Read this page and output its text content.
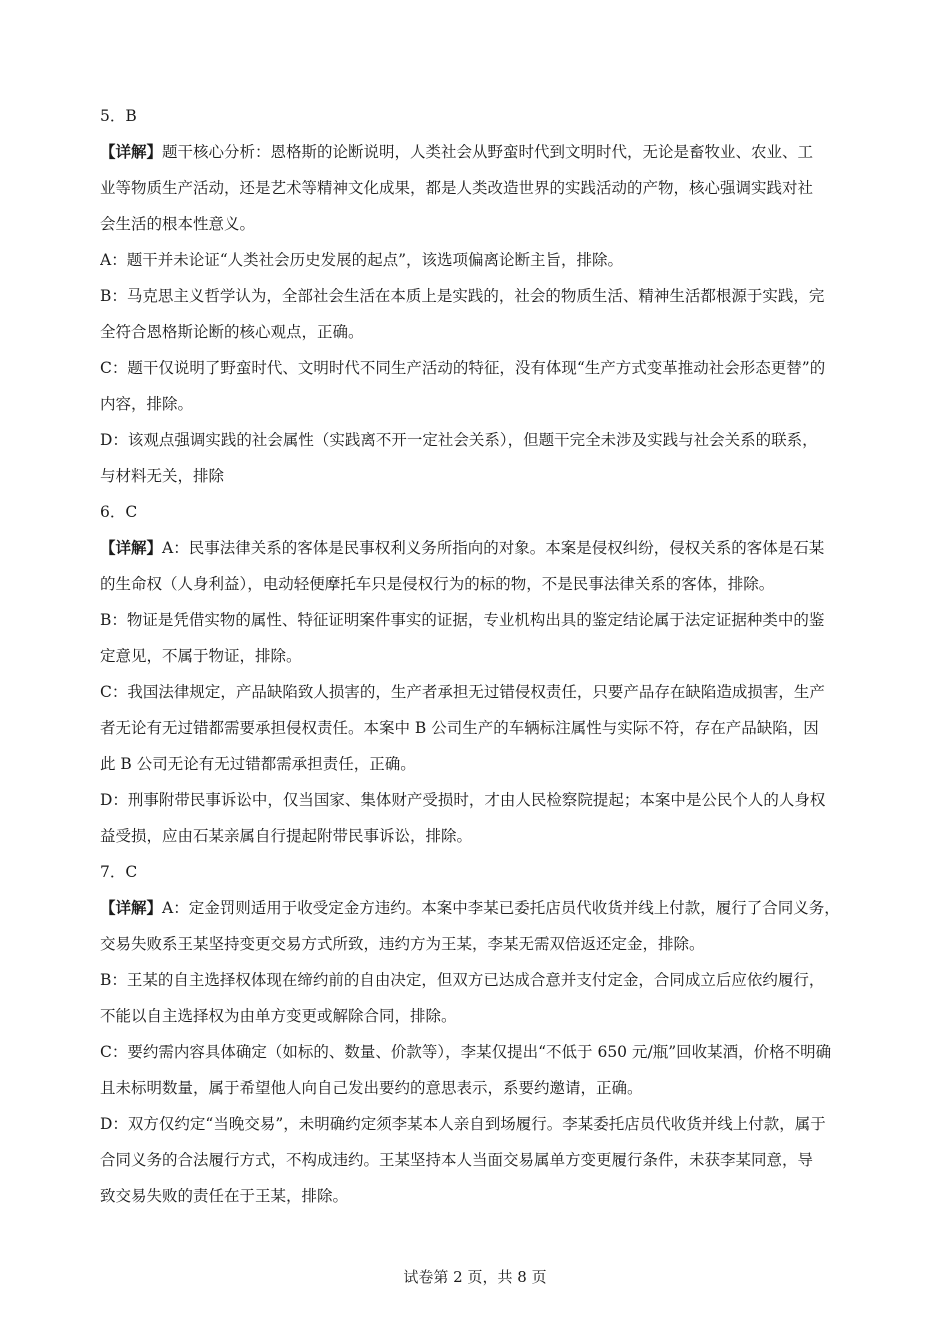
5．B
【详解】题干核心分析：恩格斯的论断说明，人类社会从野蛮时代到文明时代，无论是畜牧业、农业、工
业等物质生产活动，还是艺术等精神文化成果，都是人类改造世界的实践活动的产物，核心强调实践对社
会生活的根本性意义。
A：题干并未论证“人类社会历史发展的起点”，该选项偏离论断主旨，排除。
B：马克思主义哲学认为，全部社会生活在本质上是实践的，社会的物质生活、精神生活都根源于实践，完
全符合恩格斯论断的核心观点，正确。
C：题干仅说明了野蛮时代、文明时代不同生产活动的特征，没有体现“生产方式变革推动社会形态更替”的
内容，排除。
D：该观点强调实践的社会属性（实践离不开一定社会关系），但题干完全未涉及实践与社会关系的联系，
与材料无关，排除
6．C
【详解】A：民事法律关系的客体是民事权利义务所指向的对象。本案是侵权纠纷，侵权关系的客体是石某
的生命权（人身利益），电动轻便摩托车只是侵权行为的标的物，不是民事法律关系的客体，排除。
B：物证是凭借实物的属性、特征证明案件事实的证据，专业机构出具的鉴定结论属于法定证据种类中的鉴
定意见，不属于物证，排除。
C：我国法律规定，产品缺陷致人损害的，生产者承担无过错侵权责任，只要产品存在缺陷造成损害，生产
者无论有无过错都需要承担侵权责任。本案中 B 公司生产的车辆标注属性与实际不符，存在产品缺陷，因
此 B 公司无论有无过错都需承担责任，正确。
D：刑事附带民事诉讼中，仅当国家、集体财产受损时，才由人民检察院提起；本案中是公民个人的人身权
益受损，应由石某亲属自行提起附带民事诉讼，排除。
7．C
【详解】A：定金罚则适用于收受定金方违约。本案中李某已委托店员代收货并线上付款，履行了合同义务，
交易失败系王某坚持变更交易方式所致，违约方为王某，李某无需双倍返还定金，排除。
B：王某的自主选择权体现在缔约前的自由决定，但双方已达成合意并支付定金，合同成立后应依约履行，
不能以自主选择权为由单方变更或解除合同，排除。
C：要约需内容具体确定（如标的、数量、价款等），李某仅提出“不低于 650 元/瓶”回收某酒，价格不明确
且未标明数量，属于希望他人向自己发出要约的意思表示，系要约邀请，正确。
D：双方仅约定“当晚交易”，未明确约定须李某本人亲自到场履行。李某委托店员代收货并线上付款，属于
合同义务的合法履行方式，不构成违约。王某坚持本人当面交易属单方变更履行条件，未获李某同意，导
致交易失败的责任在于王某，排除。
试卷第 2 页，共 8 页
